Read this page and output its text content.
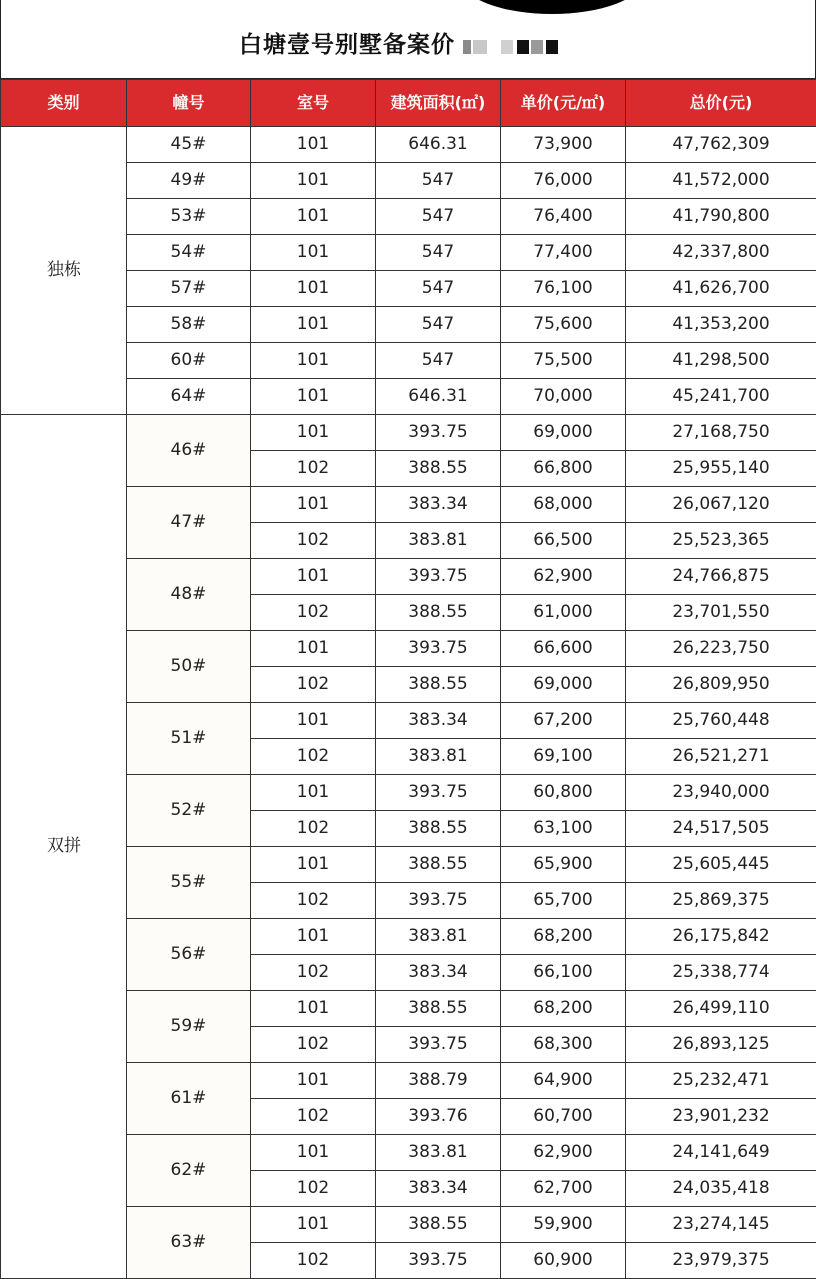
白塘壹号别墅备案价
类别	幢号	室号	建筑面积(㎡)	单价(元/㎡)	总价(元)
独栋	45#	101	646.31	73,900	47,762,309
	49#	101	547	76,000	41,572,000
	53#	101	547	76,400	41,790,800
	54#	101	547	77,400	42,337,800
	57#	101	547	76,100	41,626,700
	58#	101	547	75,600	41,353,200
	60#	101	547	75,500	41,298,500
	64#	101	646.31	70,000	45,241,700
双拼	46#	101	393.75	69,000	27,168,750
		102	388.55	66,800	25,955,140
	47#	101	383.34	68,000	26,067,120
		102	383.81	66,500	25,523,365
	48#	101	393.75	62,900	24,766,875
		102	388.55	61,000	23,701,550
	50#	101	393.75	66,600	26,223,750
		102	388.55	69,000	26,809,950
	51#	101	383.34	67,200	25,760,448
		102	383.81	69,100	26,521,271
	52#	101	393.75	60,800	23,940,000
		102	388.55	63,100	24,517,505
	55#	101	388.55	65,900	25,605,445
		102	393.75	65,700	25,869,375
	56#	101	383.81	68,200	26,175,842
		102	383.34	66,100	25,338,774
	59#	101	388.55	68,200	26,499,110
		102	393.75	68,300	26,893,125
	61#	101	388.79	64,900	25,232,471
		102	393.76	60,700	23,901,232
	62#	101	383.81	62,900	24,141,649
		102	383.34	62,700	24,035,418
	63#	101	388.55	59,900	23,274,145
		102	393.75	60,900	23,979,375
